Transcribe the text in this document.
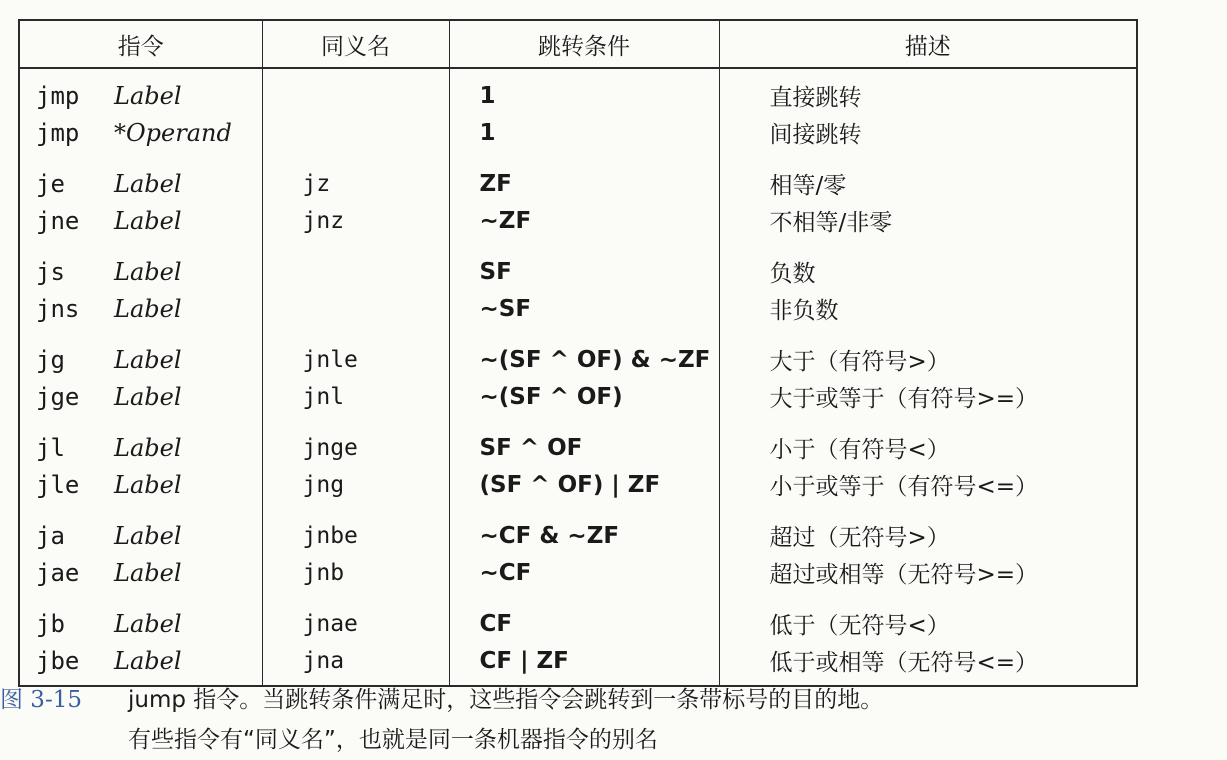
指令	同义名	跳转条件	描述
jmp Label		1	直接跳转
jmp *Operand		1	间接跳转
je Label	jz	ZF	相等/零
jne Label	jnz	~ZF	不相等/非零
js Label		SF	负数
jns Label		~SF	非负数
jg Label	jnle	~(SF ^ OF) & ~ZF	大于（有符号>）
jge Label	jnl	~(SF ^ OF)	大于或等于（有符号>=）
jl Label	jnge	SF ^ OF	小于（有符号<）
jle Label	jng	(SF ^ OF) | ZF	小于或等于（有符号<=）
ja Label	jnbe	~CF & ~ZF	超过（无符号>）
jae Label	jnb	~CF	超过或相等（无符号>=）
jb Label	jnae	CF	低于（无符号<）
jbe Label	jna	CF | ZF	低于或相等（无符号<=）
图 3-15 jump 指令。当跳转条件满足时，这些指令会跳转到一条带标号的目的地。
有些指令有“同义名”，也就是同一条机器指令的别名
